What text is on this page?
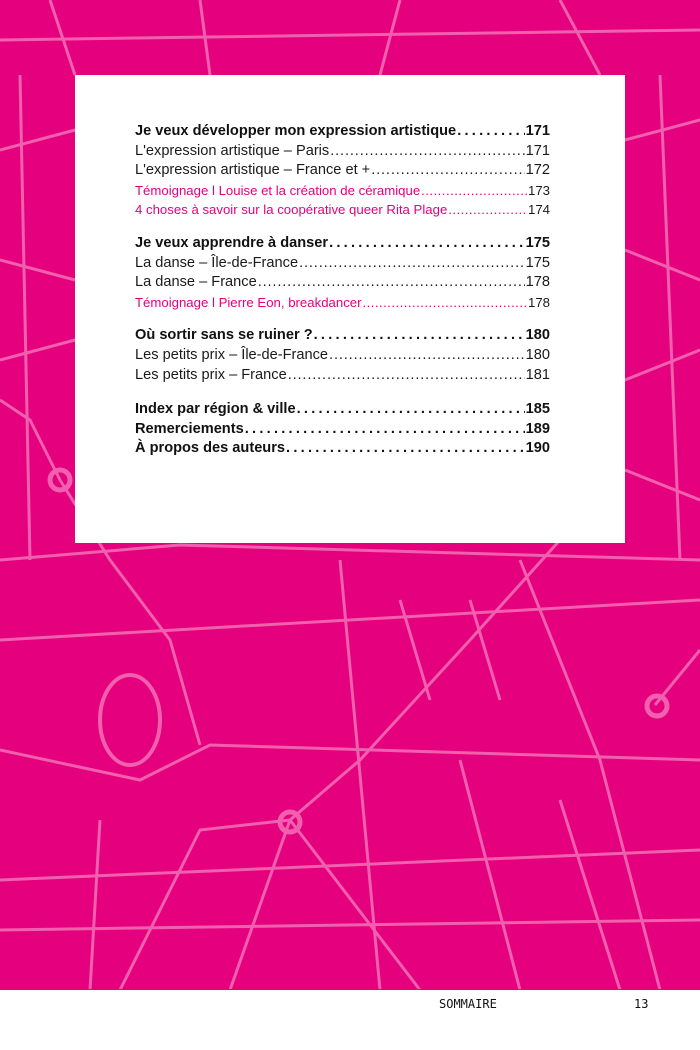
Je veux développer mon expression artistique . . .	171
L'expression artistique – Paris . . .	171
L'expression artistique – France et + . . .	172
Témoignage l Louise et la création de céramique . . .	173
4 choses à savoir sur la coopérative queer Rita Plage . . .	174
Je veux apprendre à danser . . .	175
La danse – Île-de-France . . .	175
La danse – France . . .	178
Témoignage l Pierre Eon, breakdancer . . .	178
Où sortir sans se ruiner ? . . .	180
Les petits prix – Île-de-France . . .	180
Les petits prix – France . . .	181
Index par région & ville . . .	185
Remerciements . . .	189
À propos des auteurs . . .	190
SOMMAIRE	13
